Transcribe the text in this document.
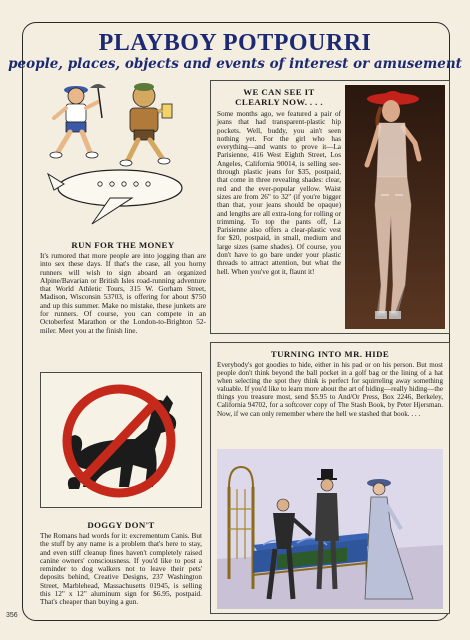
PLAYBOY POTPOURRI
people, places, objects and events of interest or amusement
RUN FOR THE MONEY
It's rumored that more people are into jogging than are into sex these days. If that's the case, all you horny runners will wish to sign aboard an organized Alpine/Bavarian or British Isles road-running adventure that World Athletic Tours, 315 W. Gorham Street, Madison, Wisconsin 53703, is offering for about $750 and up this summer. Make no mistake, these junkets are for runners. Of course, you can compete in an Octoberfest Marathon or the London-to-Brighton 52-miler. Meet you at the finish line.
WE CAN SEE IT
CLEARLY NOW. . . .
Some months ago, we featured a pair of jeans that had transparent-plastic hip pockets. Well, buddy, you ain't seen nothing yet. For the girl who has everything—and wants to prove it—La Parisienne, 416 West Eighth Street, Los Angeles, California 90014, is selling see-through plastic jeans for $35, postpaid, that come in three revealing shades: clear, red and the ever-popular yellow. Waist sizes are from 26" to 32" (if you're bigger than that, your jeans should be opaque) and lengths are all extra-long for rolling or trimming. To top the pants off, La Parisienne also offers a clear-plastic vest for $20, postpaid, in small, medium and large sizes (same shades). Of course, you don't have to go bare under your plastic threads to attract attention, but what the hell. When you've got it, flaunt it!
TURNING INTO MR. HIDE
Everybody's got goodies to hide, either in his pad or on his person. But most people don't think beyond the ball pocket in a golf bag or the lining of a hat when selecting the spot they think is perfect for squirreling away something valuable. If you'd like to learn more about the art of hiding—really hiding—the things you treasure most, send $5.95 to And/Or Press, Box 2246, Berkeley, California 94702, for a softcover copy of The Stash Book, by Peter Hjersman. Now, if we can only remember where the hell we stashed that book. . . .
DOGGY DON'T
The Romans had words for it: excrementum Canis. But the stuff by any name is a problem that's here to stay, and even stiff cleanup fines haven't completely raised canine owners' consciousness. If you'd like to post a reminder to dog walkers not to leave their pets' deposits behind, Creative Designs, 237 Washington Street, Marblehead, Massachusetts 01945, is selling this 12" x 12" aluminum sign for $6.95, postpaid. That's cheaper than buying a gun.
356
